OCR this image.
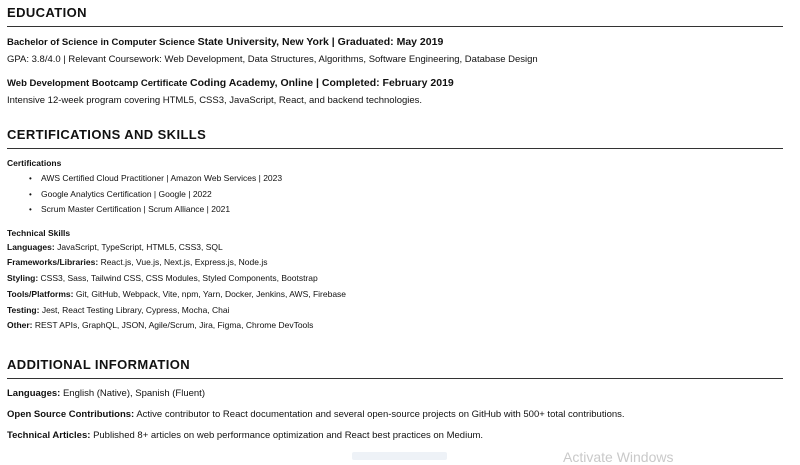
EDUCATION
Bachelor of Science in Computer Science State University, New York | Graduated: May 2019
GPA: 3.8/4.0 | Relevant Coursework: Web Development, Data Structures, Algorithms, Software Engineering, Database Design
Web Development Bootcamp Certificate Coding Academy, Online | Completed: February 2019
Intensive 12-week program covering HTML5, CSS3, JavaScript, React, and backend technologies.
CERTIFICATIONS AND SKILLS
Certifications
• AWS Certified Cloud Practitioner | Amazon Web Services | 2023
• Google Analytics Certification | Google | 2022
• Scrum Master Certification | Scrum Alliance | 2021
Technical Skills
Languages: JavaScript, TypeScript, HTML5, CSS3, SQL
Frameworks/Libraries: React.js, Vue.js, Next.js, Express.js, Node.js
Styling: CSS3, Sass, Tailwind CSS, CSS Modules, Styled Components, Bootstrap
Tools/Platforms: Git, GitHub, Webpack, Vite, npm, Yarn, Docker, Jenkins, AWS, Firebase
Testing: Jest, React Testing Library, Cypress, Mocha, Chai
Other: REST APIs, GraphQL, JSON, Agile/Scrum, Jira, Figma, Chrome DevTools
ADDITIONAL INFORMATION
Languages: English (Native), Spanish (Fluent)
Open Source Contributions: Active contributor to React documentation and several open-source projects on GitHub with 500+ total contributions.
Technical Articles: Published 8+ articles on web performance optimization and React best practices on Medium.
Activate Windows
